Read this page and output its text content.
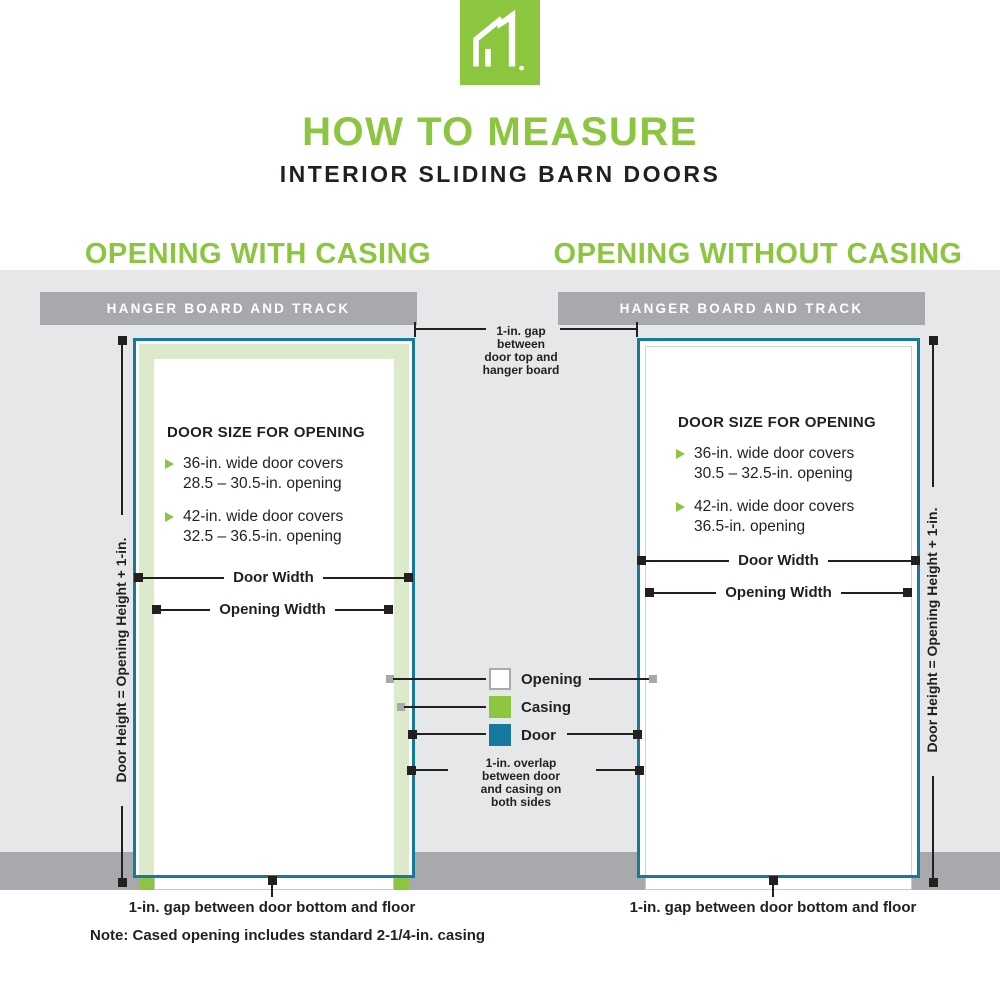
HOW TO MEASURE
INTERIOR SLIDING BARN DOORS
OPENING WITH CASING	OPENING WITHOUT CASING
HANGER BOARD AND TRACK	HANGER BOARD AND TRACK
Door Height = Opening Height + 1-in.	Door Height = Opening Height + 1-in.
Door Width
Opening Width
Door Width
Opening Width
DOOR SIZE FOR OPENING
36-in. wide door covers
28.5 – 30.5-in. opening
42-in. wide door covers
32.5 – 36.5-in. opening
DOOR SIZE FOR OPENING
36-in. wide door covers
30.5 – 32.5-in. opening
42-in. wide door covers
36.5-in. opening
1-in. gap
between
door top and
hanger board
Opening
Casing
Door
1-in. overlap
between door
and casing on
both sides
1-in. gap between door bottom and floor	1-in. gap between door bottom and floor
Note: Cased opening includes standard 2-1/4-in. casing
